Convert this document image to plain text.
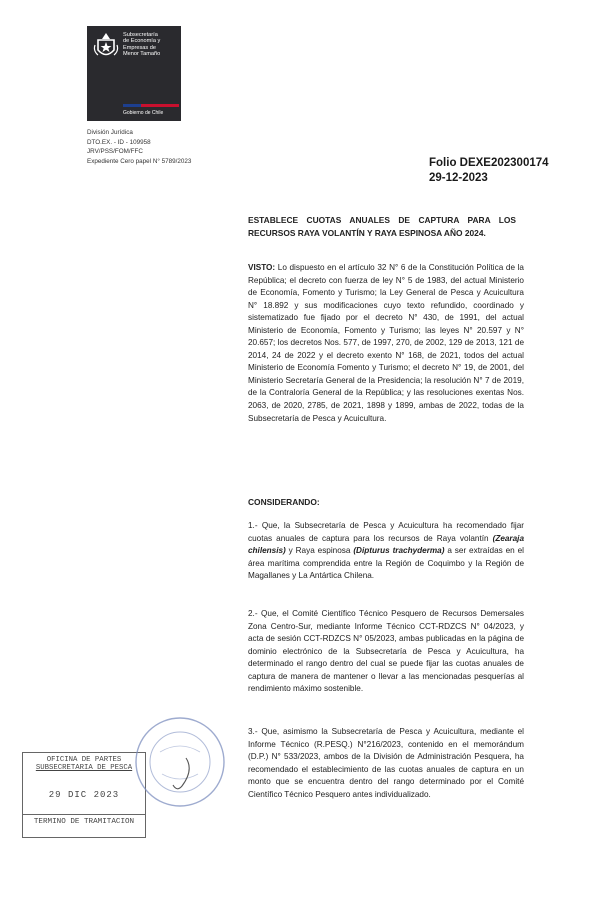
Subsecretaría
de Economía y
Empresas de
Menor Tamaño
Gobierno de Chile
División Jurídica
DTO.EX. - ID - 109958
JRV/PSS/FOM/FFC
Expediente Cero papel N° 5789/2023	Folio DEXE202300174
29-12-2023
ESTABLECE CUOTAS ANUALES DE CAPTURA PARA LOS RECURSOS RAYA VOLANTÍN Y RAYA ESPINOSA AÑO 2024.
VISTO: Lo dispuesto en el artículo 32 N° 6 de la Constitución Política de la República; el decreto con fuerza de ley N° 5 de 1983, del actual Ministerio de Economía, Fomento y Turismo; la Ley General de Pesca y Acuicultura N° 18.892 y sus modificaciones cuyo texto refundido, coordinado y sistematizado fue fijado por el decreto N° 430, de 1991, del actual Ministerio de Economía, Fomento y Turismo; las leyes N° 20.597 y N° 20.657; los decretos Nos. 577, de 1997, 270, de 2002, 129 de 2013, 121 de 2014, 24 de 2022 y el decreto exento N° 168, de 2021, todos del actual Ministerio de Economía Fomento y Turismo; el decreto N° 19, de 2001, del Ministerio Secretaría General de la Presidencia; la resolución N° 7 de 2019, de la Contraloría General de la República; y las resoluciones exentas Nos. 2063, de 2020, 2785, de 2021, 1898 y 1899, ambas de 2022, todas de la Subsecretaría de Pesca y Acuicultura.
CONSIDERANDO:
1.- Que, la Subsecretaría de Pesca y Acuicultura ha recomendado fijar cuotas anuales de captura para los recursos de Raya volantín (Zearaja chilensis) y Raya espinosa (Dipturus trachyderma) a ser extraídas en el área marítima comprendida entre la Región de Coquimbo y la Región de Magallanes y La Antártica Chilena.
2.- Que, el Comité Científico Técnico Pesquero de Recursos Demersales Zona Centro-Sur, mediante Informe Técnico CCT-RDZCS N° 04/2023, y acta de sesión CCT-RDZCS N° 05/2023, ambas publicadas en la página de dominio electrónico de la Subsecretaría de Pesca y Acuicultura, ha determinado el rango dentro del cual se puede fijar las cuotas anuales de captura de manera de mantener o llevar a las mencionadas pesquerías al rendimiento máximo sostenible.
3.- Que, asimismo la Subsecretaría de Pesca y Acuicultura, mediante el Informe Técnico (R.PESQ.) N°216/2023, contenido en el memorándum (D.P.) N° 533/2023, ambos de la División de Administración Pesquera, ha recomendado el establecimiento de las cuotas anuales de captura en un monto que se encuentra dentro del rango determinado por el Comité Científico Técnico Pesquero antes individualizado.
OFICINA DE PARTES
SUBSECRETARIA DE PESCA
29 DIC 2023
TERMINO DE TRAMITACION
